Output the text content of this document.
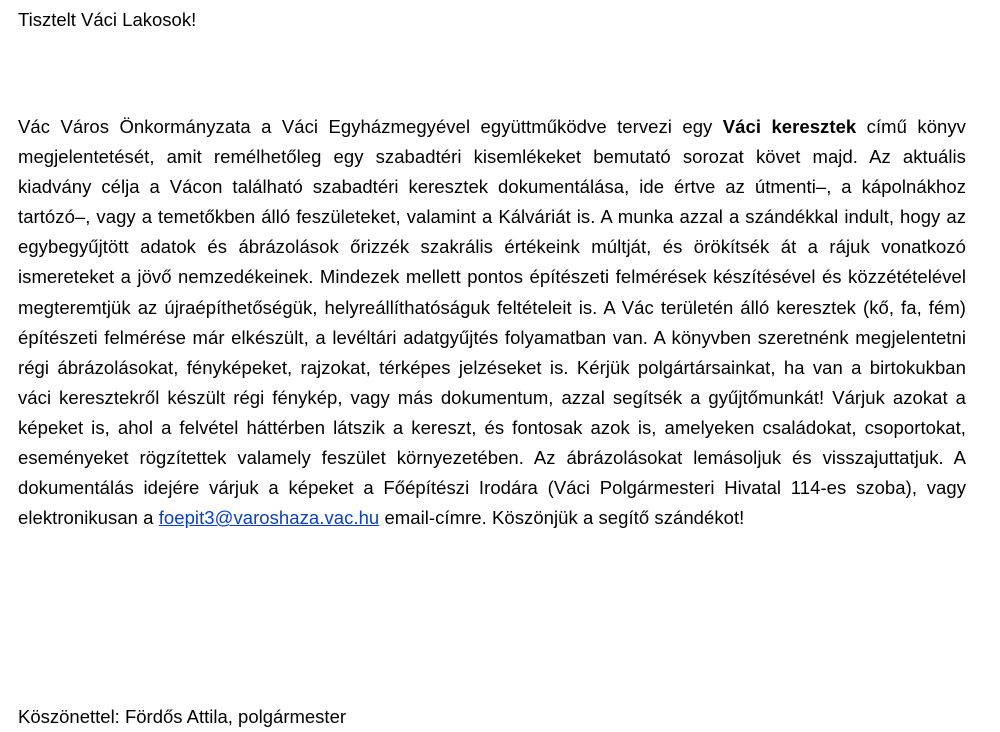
Tisztelt Váci Lakosok!

Vác Város Önkormányzata a Váci Egyházmegyével együttműködve tervezi egy Váci keresztek című könyv megjelentetését, amit remélhetőleg egy szabadtéri kisemlékeket bemutató sorozat követ majd. Az aktuális kiadvány célja a Vácon található szabadtéri keresztek dokumentálása, ide értve az útmenti–, a kápolnákhoz tartózó–, vagy a temetőkben álló feszületeket, valamint a Kálváriát is. A munka azzal a szándékkal indult, hogy az egybegyűjtött adatok és ábrázolások őrizzék szakrális értékeink múltját, és örökítsék át a rájuk vonatkozó ismereteket a jövő nemzedékeinek. Mindezek mellett pontos építészeti felmérések készítésével és közzétételével megteremtjük az újraépíthetőségük, helyreállíthatóságuk feltételeit is. A Vác területén álló keresztek (kő, fa, fém) építészeti felmérése már elkészült, a levéltári adatgyűjtés folyamatban van. A könyvben szeretnénk megjelentetni régi ábrázolásokat, fényképeket, rajzokat, térképes jelzéseket is. Kérjük polgártársainkat, ha van a birtokukban váci keresztekről készült régi fénykép, vagy más dokumentum, azzal segítsék a gyűjtőmunkát! Várjuk azokat a képeket is, ahol a felvétel háttérben látszik a kereszt, és fontosak azok is, amelyeken családokat, csoportokat, eseményeket rögzítettek valamely feszület környezetében. Az ábrázolásokat lemásoljuk és visszajuttatjuk. A dokumentálás idejére várjuk a képeket a Főépítészi Irodára (Váci Polgármesteri Hivatal 114-es szoba), vagy elektronikusan a foepit3@varoshaza.vac.hu email-címre. Köszönjük a segítő szándékot!

Köszönettel: Fördős Attila, polgármester
